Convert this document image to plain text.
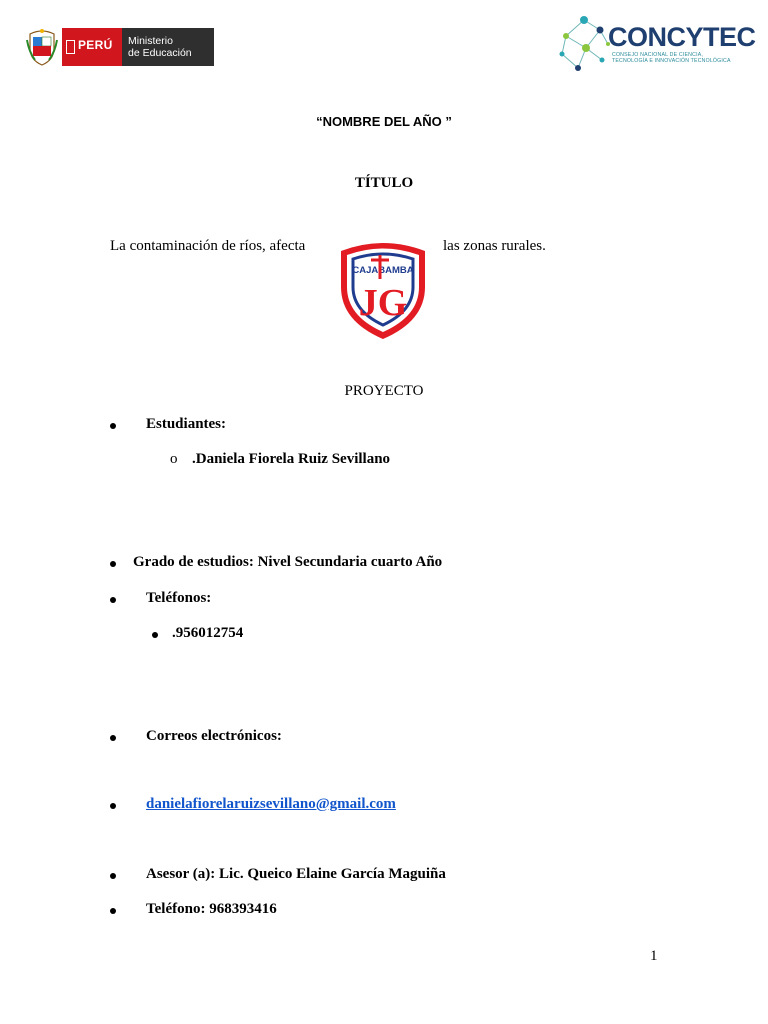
PERÚ Ministerio
de Educación
CONCYTEC
CONSEJO NACIONAL DE CIENCIA,
TECNOLOGÍA E INNOVACIÓN TECNOLÓGICA
“NOMBRE DEL AÑO ”
TÍTULO
La contaminación de ríos, afecta	las zonas rurales.
CAJABAMBA
JG
PROYECTO
Estudiantes:
o .Daniela Fiorela Ruiz Sevillano
Grado de estudios: Nivel Secundaria cuarto Año
Teléfonos:
.956012754
Correos electrónicos:
danielafiorelaruizsevillano@gmail.com
Asesor (a): Lic. Queico Elaine García Maguiña
Teléfono: 968393416
1
